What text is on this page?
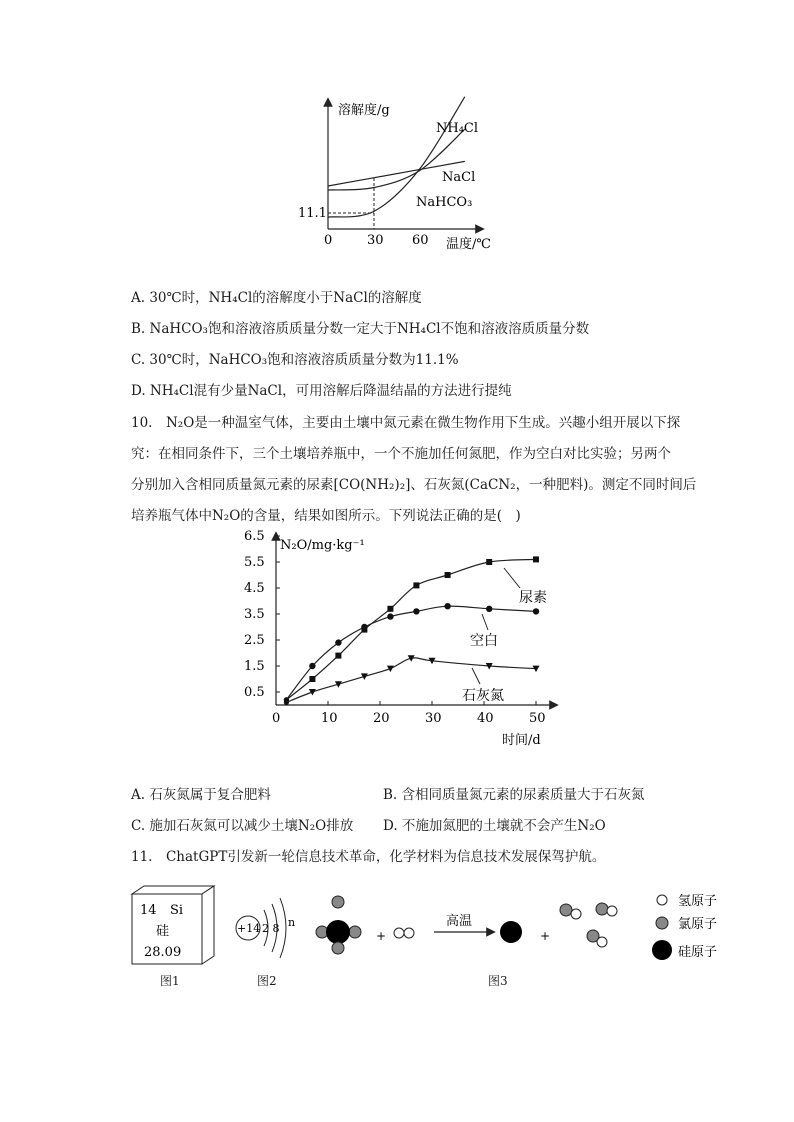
溶解度/g
温度/℃
11.1
0	30 60
NH₄Cl
NaCl
NaHCO₃
A. 30℃时，NH₄Cl的溶解度小于NaCl的溶解度
B. NaHCO₃饱和溶液溶质质量分数一定大于NH₄Cl不饱和溶液溶质质量分数
C. 30℃时，NaHCO₃饱和溶液溶质质量分数为11.1%
D. NH₄Cl混有少量NaCl，可用溶解后降温结晶的方法进行提纯
10.　N₂O是一种温室气体，主要由土壤中氮元素在微生物作用下生成。兴趣小组开展以下探
究：在相同条件下，三个土壤培养瓶中，一个不施加任何氮肥，作为空白对比实验；另两个
分别加入含相同质量氮元素的尿素[CO(NH₂)₂]、石灰氮(CaCN₂，一种肥料)。测定不同时间后
培养瓶气体中N₂O的含量，结果如图所示。下列说法正确的是(　)
0	10	20	30	40	50
6.5
5.5
4.5
3.5
2.5
1.5
0.5
N₂O/mg·kg⁻¹
时间/d
尿素
空白
石灰氮
A. 石灰氮属于复合肥料	B. 含相同质量氮元素的尿素质量大于石灰氮
C. 施加石灰氮可以减少土壤N₂O排放 D. 不施加氮肥的土壤就不会产生N₂O
11.　ChatGPT引发新一轮信息技术革命，化学材料为信息技术发展保驾护航。
14 Si
硅
28.09
+14 2 8 n
+
高温
+
氢原子
氯原子
硅原子
图1	图2	图3
